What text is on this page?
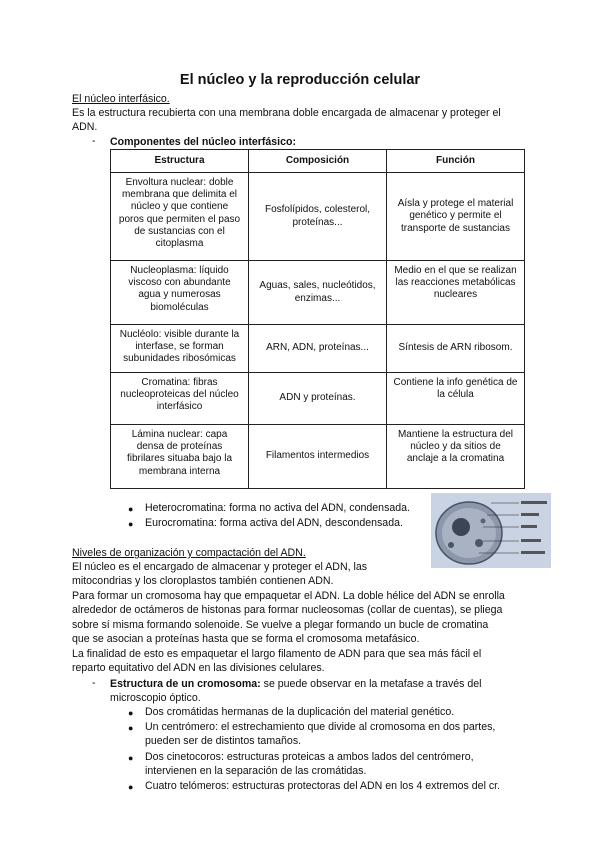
El núcleo y la reproducción celular

El núcleo interfásico.

Es la estructura recubierta con una membrana doble encargada de almacenar y proteger el

ADN.

- Componentes del núcleo interfásico:
Estructura	Composición	Función
Envoltura nuclear: doble membrana que delimita el núcleo y que contiene poros que permiten el paso de sustancias con el citoplasma	Fosfolípidos, colesterol, proteínas...	Aísla y protege el material genético y permite el transporte de sustancias
Nucleoplasma: líquido viscoso con abundante agua y numerosas biomoléculas	Aguas, sales, nucleótidos, enzimas...	Medio en el que se realizan las reacciones metabólicas nucleares
Nucléolo: visible durante la interfase, se forman subunidades ribosómicas	ARN, ADN, proteínas...	Síntesis de ARN ribosom.
Cromatina: fibras nucleoproteicas del núcleo interfásico	ADN y proteínas.	Contiene la info genética de la célula
Lámina nuclear: capa densa de proteínas fibrilares situaba bajo la membrana interna	Filamentos intermedios	Mantiene la estructura del núcleo y da sitios de anclaje a la cromatina
● Heterocromatina: forma no activa del ADN, condensada.
● Eurocromatina: forma activa del ADN, descondensada.

Niveles de organización y compactación del ADN.

El núcleo es el encargado de almacenar y proteger el ADN, las

mitocondrias y los cloroplastos también contienen ADN.

Para formar un cromosoma hay que empaquetar el ADN. La doble hélice del ADN se enrolla

alrededor de octámeros de histonas para formar nucleosomas (collar de cuentas), se pliega

sobre sí misma formando solenoide. Se vuelve a plegar formando un bucle de cromatina

que se asocian a proteínas hasta que se forma el cromosoma metafásico.

La finalidad de esto es empaquetar el largo filamento de ADN para que sea más fácil el

reparto equitativo del ADN en las divisiones celulares.

- Estructura de un cromosoma: se puede observar en la metafase a través del

microscopio óptico.

● Dos cromátidas hermanas de la duplicación del material genético.
● Un centrómero: el estrechamiento que divide al cromosoma en dos partes,
pueden ser de distintos tamaños.
● Dos cinetocoros: estructuras proteicas a ambos lados del centrómero,
intervienen en la separación de las cromátidas.
● Cuatro telómeros: estructuras protectoras del ADN en los 4 extremos del cr.
